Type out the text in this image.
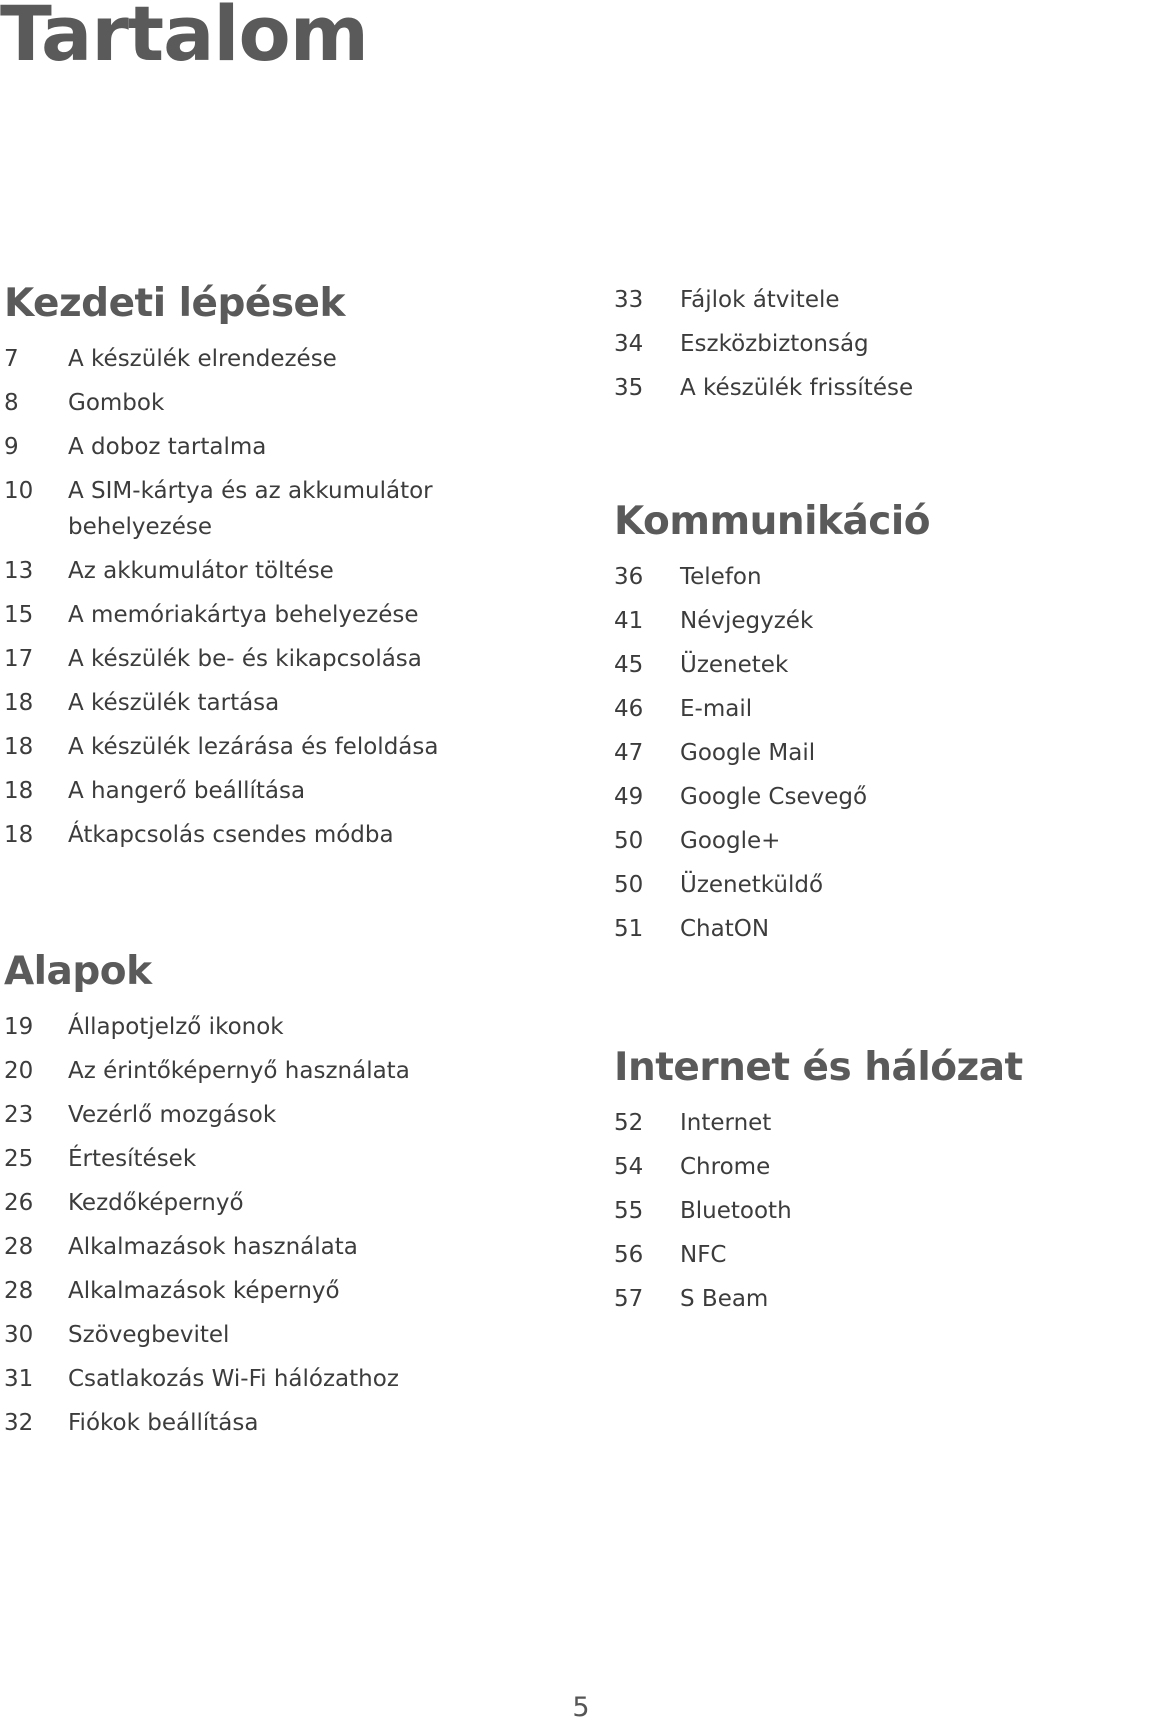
Tartalom
Kezdeti lépések
7	A készülék elrendezése
8	Gombok
9	A doboz tartalma
10	A SIM-kártya és az akkumulátor behelyezése
13	Az akkumulátor töltése
15	A memóriakártya behelyezése
17	A készülék be- és kikapcsolása
18	A készülék tartása
18	A készülék lezárása és feloldása
18	A hangerő beállítása
18	Átkapcsolás csendes módba
Alapok
19	Állapotjelző ikonok
20	Az érintőképernyő használata
23	Vezérlő mozgások
25	Értesítések
26	Kezdőképernyő
28	Alkalmazások használata
28	Alkalmazások képernyő
30	Szövegbevitel
31	Csatlakozás Wi-Fi hálózathoz
32	Fiókok beállítása
33	Fájlok átvitele
34	Eszközbiztonság
35	A készülék frissítése
Kommunikáció
36	Telefon
41	Névjegyzék
45	Üzenetek
46	E-mail
47	Google Mail
49	Google Csevegő
50	Google+
50	Üzenetküldő
51	ChatON
Internet és hálózat
52	Internet
54	Chrome
55	Bluetooth
56	NFC
57	S Beam
5
